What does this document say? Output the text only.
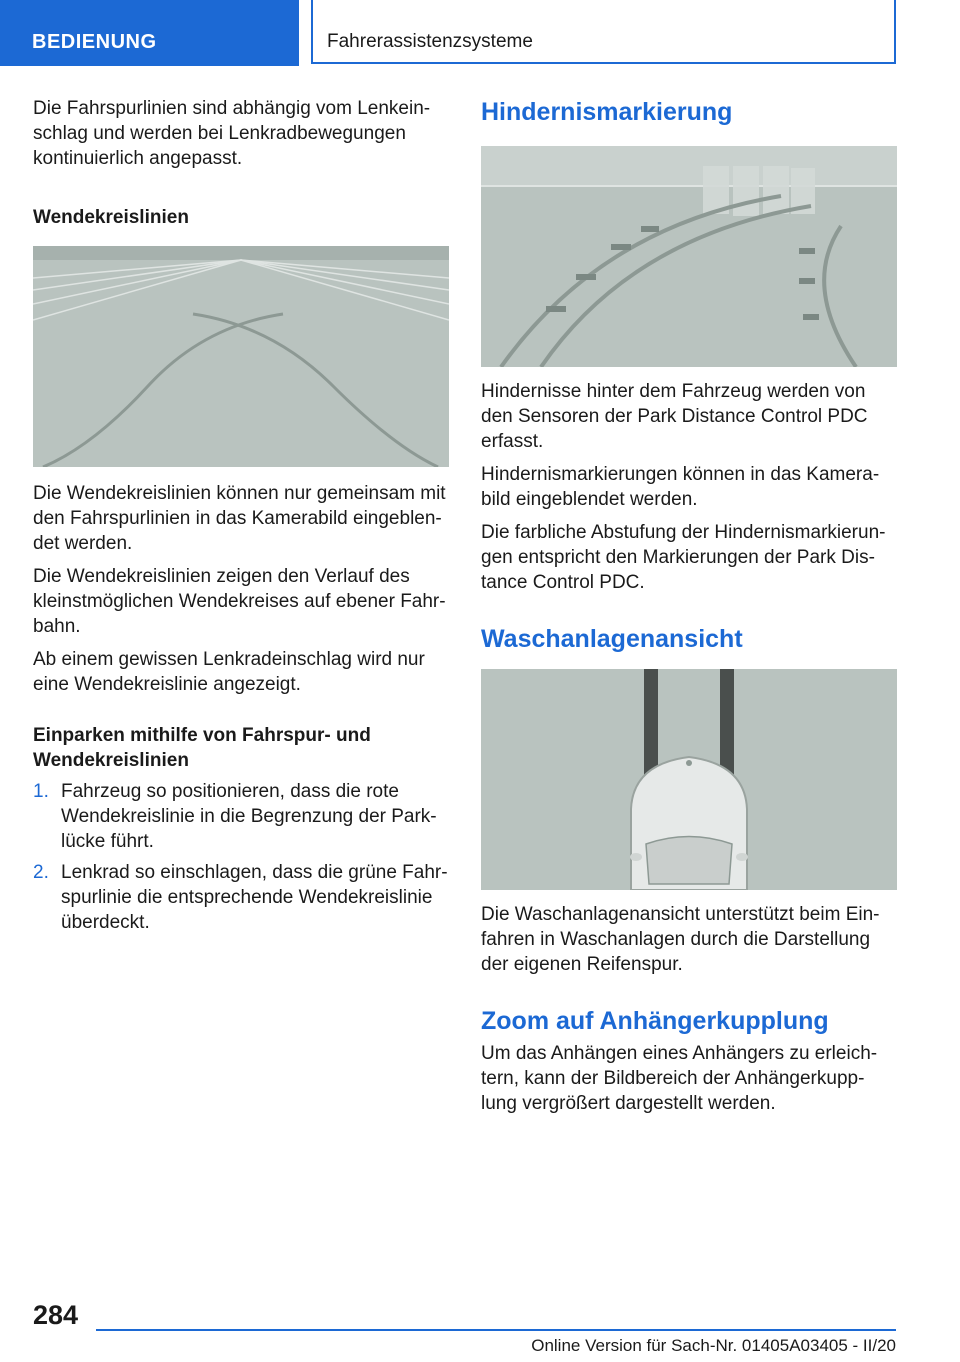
BEDIENUNG	Fahrerassistenzsysteme

Die Fahrspurlinien sind abhängig vom Lenkein-schlag und werden bei Lenkradbewegungen kontinuierlich angepasst.

Wendekreislinien

Die Wendekreislinien können nur gemeinsam mit den Fahrspurlinien in das Kamerabild eingeblen-det werden.

Die Wendekreislinien zeigen den Verlauf des kleinstmöglichen Wendekreises auf ebener Fahr-bahn.

Ab einem gewissen Lenkradeinschlag wird nur eine Wendekreislinie angezeigt.

Einparken mithilfe von Fahrspur- und Wendekreislinien
1. Fahrzeug so positionieren, dass die rote Wendekreislinie in die Begrenzung der Park-lücke führt.
2. Lenkrad so einschlagen, dass die grüne Fahr-spurlinie die entsprechende Wendekreislinie überdeckt.
Hindernismarkierung

Hindernisse hinter dem Fahrzeug werden von den Sensoren der Park Distance Control PDC erfasst.

Hindernismarkierungen können in das Kamera-bild eingeblendet werden.

Die farbliche Abstufung der Hindernismarkierun-gen entspricht den Markierungen der Park Dis-tance Control PDC.

Waschanlagenansicht

Die Waschanlagenansicht unterstützt beim Ein-fahren in Waschanlagen durch die Darstellung der eigenen Reifenspur.

Zoom auf Anhängerkupplung

Um das Anhängen eines Anhängers zu erleich-tern, kann der Bildbereich der Anhängerkupp-lung vergrößert dargestellt werden.

284
Online Version für Sach-Nr. 01405A03405 - II/20
